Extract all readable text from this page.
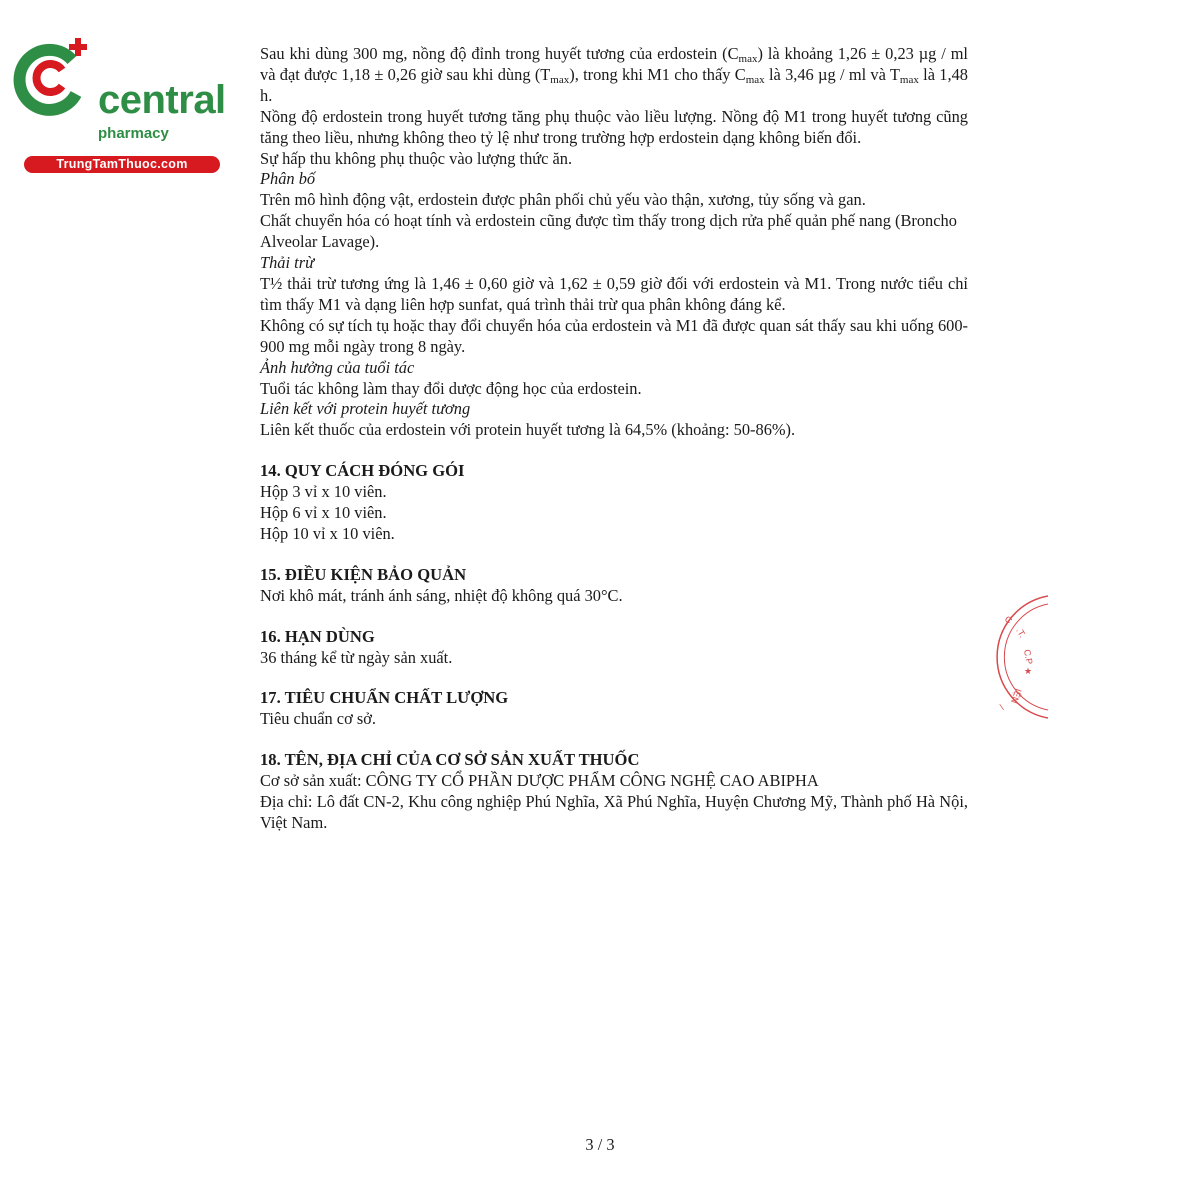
central
pharmacy
TrungTamThuoc.com

Sau khi dùng 300 mg, nồng độ đỉnh trong huyết tương của erdostein $(C_{max})$ là khoảng 1,26 ± 0,23 µg / ml và đạt được 1,18 ± 0,26 giờ sau khi dùng $(T_{max})$, trong khi M1 cho thấy $C_{max}$ là 3,46 µg / ml và $T_{max}$ là 1,48 h.

Nồng độ erdostein trong huyết tương tăng phụ thuộc vào liều lượng. Nồng độ M1 trong huyết tương cũng tăng theo liều, nhưng không theo tỷ lệ như trong trường hợp erdostein dạng không biến đổi.

Sự hấp thu không phụ thuộc vào lượng thức ăn.

Phân bố

Trên mô hình động vật, erdostein được phân phối chủ yếu vào thận, xương, tủy sống và gan.

Chất chuyển hóa có hoạt tính và erdostein cũng được tìm thấy trong dịch rửa phế quản phế nang (Broncho Alveolar Lavage).

Thải trừ

T½ thải trừ tương ứng là 1,46 ± 0,60 giờ và 1,62 ± 0,59 giờ đối với erdostein và M1. Trong nước tiểu chỉ tìm thấy M1 và dạng liên hợp sunfat, quá trình thải trừ qua phân không đáng kể.

Không có sự tích tụ hoặc thay đổi chuyển hóa của erdostein và M1 đã được quan sát thấy sau khi uống 600-900 mg mỗi ngày trong 8 ngày.

Ảnh hưởng của tuổi tác

Tuổi tác không làm thay đổi dược động học của erdostein.

Liên kết với protein huyết tương

Liên kết thuốc của erdostein với protein huyết tương là 64,5% (khoảng: 50-86%).

14. QUY CÁCH ĐÓNG GÓI

Hộp 3 vỉ x 10 viên.

Hộp 6 vỉ x 10 viên.

Hộp 10 vỉ x 10 viên.

15. ĐIỀU KIỆN BẢO QUẢN

Nơi khô mát, tránh ánh sáng, nhiệt độ không quá 30°C.

16. HẠN DÙNG

36 tháng kể từ ngày sản xuất.

17. TIÊU CHUẨN CHẤT LƯỢNG

Tiêu chuẩn cơ sở.

18. TÊN, ĐỊA CHỈ CỦA CƠ SỞ SẢN XUẤT THUỐC

Cơ sở sản xuất: CÔNG TY CỔ PHẦN DƯỢC PHẨM CÔNG NGHỆ CAO ABIPHA

Địa chỉ: Lô đất CN-2, Khu công nghiệp Phú Nghĩa, Xã Phú Nghĩa, Huyện Chương Mỹ, Thành phố Hà Nội, Việt Nam.

C
.T.
C.P
★
IỆN
/
3 / 3
